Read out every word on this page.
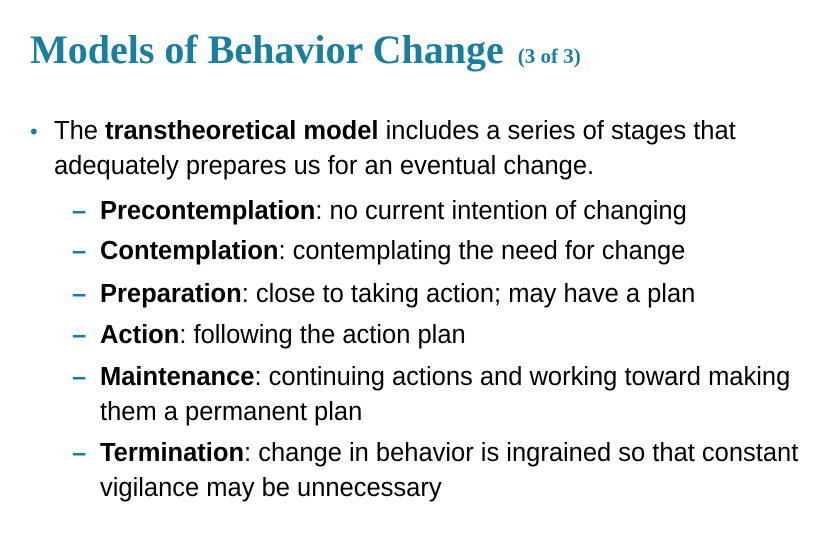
Models of Behavior Change (3 of 3)
• The transtheoretical model includes a series of stages that adequately prepares us for an eventual change.
– Precontemplation: no current intention of changing
– Contemplation: contemplating the need for change
– Preparation: close to taking action; may have a plan
– Action: following the action plan
– Maintenance: continuing actions and working toward making them a permanent plan
– Termination: change in behavior is ingrained so that constant vigilance may be unnecessary
